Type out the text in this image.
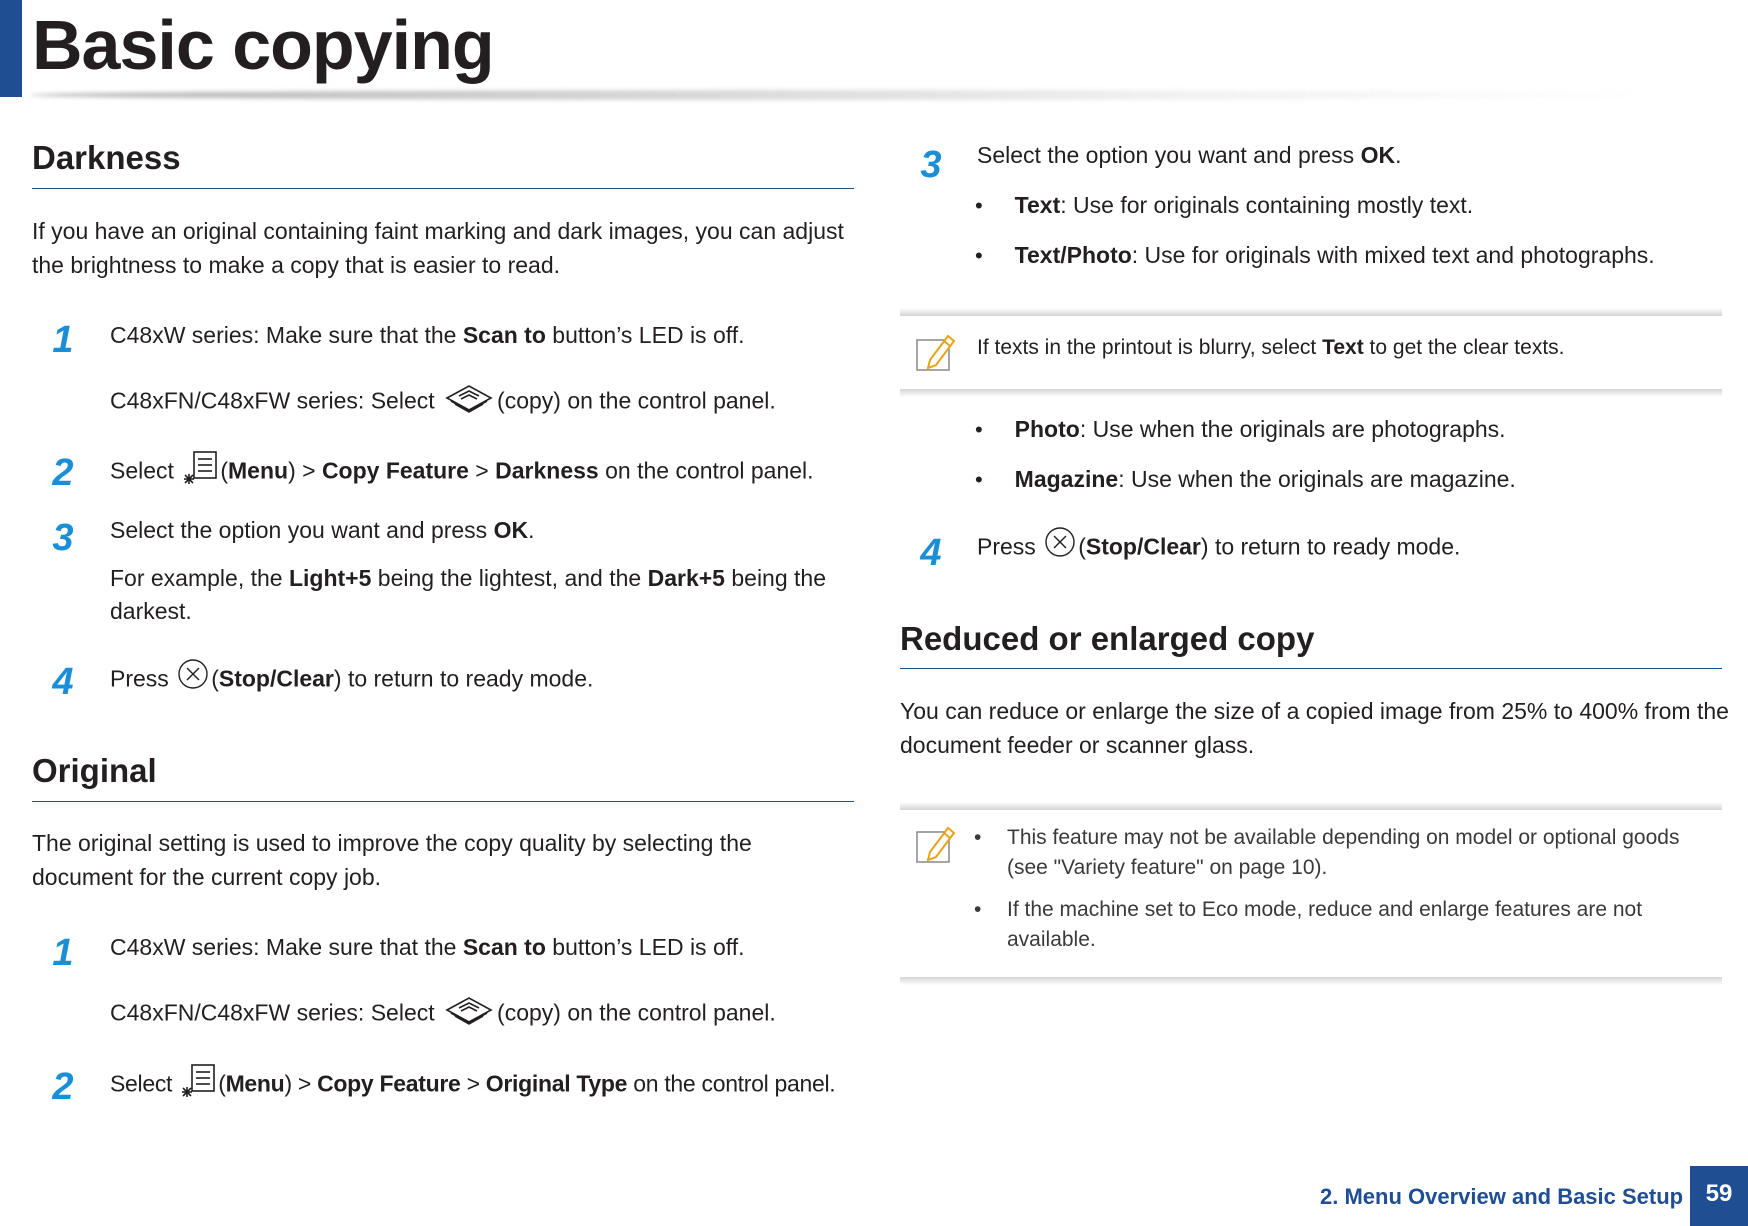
Basic copying
Darkness
If you have an original containing faint marking and dark images, you can adjust the brightness to make a copy that is easier to read.
1 C48xW series: Make sure that the Scan to button’s LED is off.
C48xFN/C48xFW series: Select (copy) on the control panel.
2 Select (Menu) > Copy Feature > Darkness on the control panel.
3 Select the option you want and press OK.
For example, the Light+5 being the lightest, and the Dark+5 being the
darkest.
4 Press (Stop/Clear) to return to ready mode.
Original
The original setting is used to improve the copy quality by selecting the document for the current copy job.
1 C48xW series: Make sure that the Scan to button’s LED is off.
C48xFN/C48xFW series: Select (copy) on the control panel.
2 Select (Menu) > Copy Feature > Original Type on the control panel.
3 Select the option you want and press OK.
• Text: Use for originals containing mostly text.
• Text/Photo: Use for originals with mixed text and photographs.
If texts in the printout is blurry, select Text to get the clear texts.
• Photo: Use when the originals are photographs.
• Magazine: Use when the originals are magazine.
4 Press (Stop/Clear) to return to ready mode.
Reduced or enlarged copy
You can reduce or enlarge the size of a copied image from 25% to 400% from the document feeder or scanner glass.
• This feature may not be available depending on model or optional goods
(see "Variety feature" on page 10).
• If the machine set to Eco mode, reduce and enlarge features are not
available.
2. Menu Overview and Basic Setup 59
